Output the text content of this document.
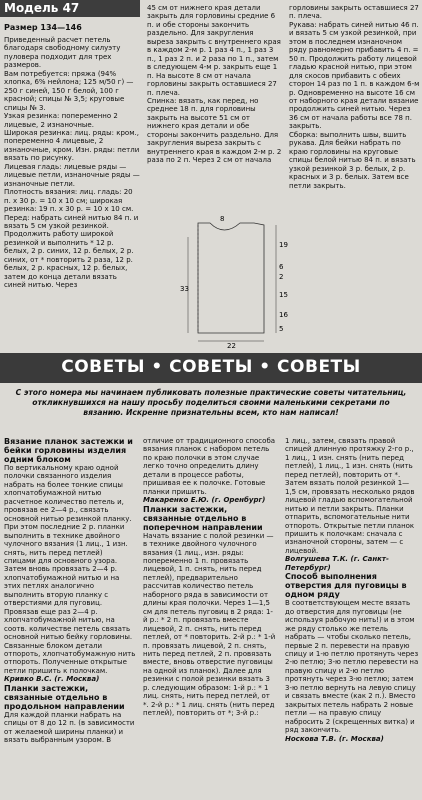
Модель 47
Размер 134—146

Приведенный расчет петель благодаря свободному силуэту пуловера подходит для трех размеров.

Вам потребуется: пряжа (94% хлопка, 6% нейлона; 125 м/50 г) — 250 г синей, 150 г белой, 100 г красной; спицы № 3,5; круговые спицы № 3.

Узкая резинка: попеременно 2 лицевые, 2 изнаночные.

Широкая резинка: лиц. ряды: кром., попеременно 4 лицевые, 2 изнаночные, кром. Изн. ряды: петли вязать по рисунку.

Лицевая гладь: лицевые ряды — лицевые петли, изнаночные ряды — изнаночные петли.

Плотность вязания: лиц. гладь: 20 п. х 30 р. = 10 х 10 см; широкая резинка: 19 п. х 30 р. = 10 х 10 см.

Перед: набрать синей нитью 84 п. и вязать 5 см узкой резинкой. Продолжить работу широкой резинкой и выполнить * 12 р. белых, 2 р. синих, 12 р. белых, 2 р. синих, от * повторить 2 раза, 12 р. белых, 2 р. красных, 12 р. белых, затем до конца детали вязать синей нитью. Через

45 см от нижнего края детали закрыть для горловины средние 6 п. и обе стороны закончить раздельно. Для закругления выреза закрыть с внутреннего края в каждом 2-м р. 1 раз 4 п., 1 раз 3 п., 1 раз 2 п. и 2 раза по 1 п., затем в следующем 4-м р. закрыть еще 1 п. На высоте 8 см от начала горловины закрыть оставшиеся 27 п. плеча.

Спинка: вязать, как перед, но среднее 18 п. для горловины закрыть на высоте 51 см от нижнего края детали и обе стороны закончить раздельно. Для закругления выреза закрыть с внутреннего края в каждом 2-м р. 2 раза по 2 п. Через 2 см от начала

горловины закрыть оставшиеся 27 п. плеча.

Рукава: набрать синей нитью 46 п. и вязать 5 см узкой резинкой, при этом в последнем изнаночном ряду равномерно прибавить 4 п. = 50 п. Продолжить работу лицевой гладью красной нитью, при этом для скосов прибавить с обеих сторон 14 раз по 1 п. в каждом 6-м р. Одновременно на высоте 16 см от наборного края детали вязание продолжить синей нитью. Через 36 см от начала работы все 78 п. закрыть.

Сборка: выполнить швы, вшить рукава. Для бейки набрать по краю горловины на круговые спицы белой нитью 84 п. и вязать узкой резинкой 3 р. белых, 2 р. красных и 3 р. белых. Затем все петли закрыть.

8
19
6
2
15
33
16
22
5
СОВЕТЫ • СОВЕТЫ • СОВЕТЫ
С этого номера мы начинаем публиковать полезные практические советы читательниц, откликнувшихся на нашу просьбу поделиться своими маленькими секретами по вязанию. Искренне признательны всем, кто нам написал!

Вязание планок застежки и бейки горловины изделия одним блоком

По вертикальному краю одной полочки связанного изделия набрать на более тонкие спицы хлопчатобумажной нитью расчетное количество петель и, провязав ее 2—4 р., связать основной нитью резинкой планку. При этом последние 2 р. планки выполнить в технике двойного чулочного вязания (1 лиц., 1 изн. снять, нить перед петлей) спицами для основного узора. Затем вновь провязать 2—4 р. хлопчатобумажной нитью и на этих петлях аналогично выполнить вторую планку с отверстиями для пуговиц. Провязав еще раз 2—4 р. хлопчатобумажной нитью, на соотв. количестве петель связать основной нитью бейку горловины. Связанные блоком детали отпороть, хлопчатобумажную нить отпороть. Полученные открытые петли пришить к полочкам.

Кривко В.С. (г. Москва)

Планки застежки, связанные отдельно в продольном направлении

Для каждой планки набрать на спицы от 8 до 12 п. (в зависимости от желаемой ширины планки) и вязать выбранным узором. В

отличие от традиционного способа вязания планок с набором петель по краю полочки в этом случае легко точно определить длину детали в процессе работы, пришивая ее к полочке. Готовые планки пришить.

Макаренко Е.Ю. (г. Оренбург)

Планки застежки, связанные отдельно в поперечном направлении

Начать вязание с полой резинки — в технике двойного чулочного вязания (1 лиц., изн. ряды: попеременно 1 п. провязать лицевой, 1 п. снять, нить перед петлей), предварительно рассчитав количество петель наборного ряда в зависимости от длины края полочки. Через 1—1,5 см для петель пуговиц в 2 ряда: 1-й р.: * 2 п. провязать вместе лицевой, 2 п. снять, нить перед петлей, от * повторить. 2-й р.: * 1-й п. провязать лицевой, 2 п. снять, нить перед петлей, 2 п. провязать вместе, вновь отверстие пуговицы на одной из планок). Далее для резинки с полой резинки вязать 3 р. следующим образом: 1-й р.: * 1 лиц. снять, нить перед петлей, от *. 2-й р.: * 1 лиц. снять (нить перед петлей), повторить от *; 3-й р.:

1 лиц., затем, связать правой спицей длинную протяжку 2-го р., 1 лиц., 1 изн. снять (нить перед петлей), 1 лиц., 1 изн. снять (нить перед петлей), повторить от *. Затем вязать полой резинкой 1—1,5 см, провязать несколько рядов лицевой гладью вспомогательной нитью и петли закрыть. Планки отпарить, вспомогательные нити отпороть. Открытые петли планок пришить к полочкам: сначала с изнаночной стороны, затем — с лицевой.

Волгушева Т.К. (г. Санкт-Петербург)

Способ выполнения отверстия для пуговицы в одном ряду

В соответствующем месте вязать до отверстия для пуговицы (не используя рабочую нить!) и в этом же ряду столько же петель набрать — чтобы сколько петель, первые 2 п. перевести на правую спицу и 1-ю петлю протянуть через 2-ю петлю; 3-ю петлю перевести на правую спицу и 2-ю петлю протянуть через 3-ю петлю; затем 3-ю петлю вернуть на левую спицу и связать вместе (как 2 п.). Вместо закрытых петель набрать 2 новые петли — на правую спицу набросить 2 (скрещенных витка) и ряд закончить.

Носкова Т.В. (г. Москва)
